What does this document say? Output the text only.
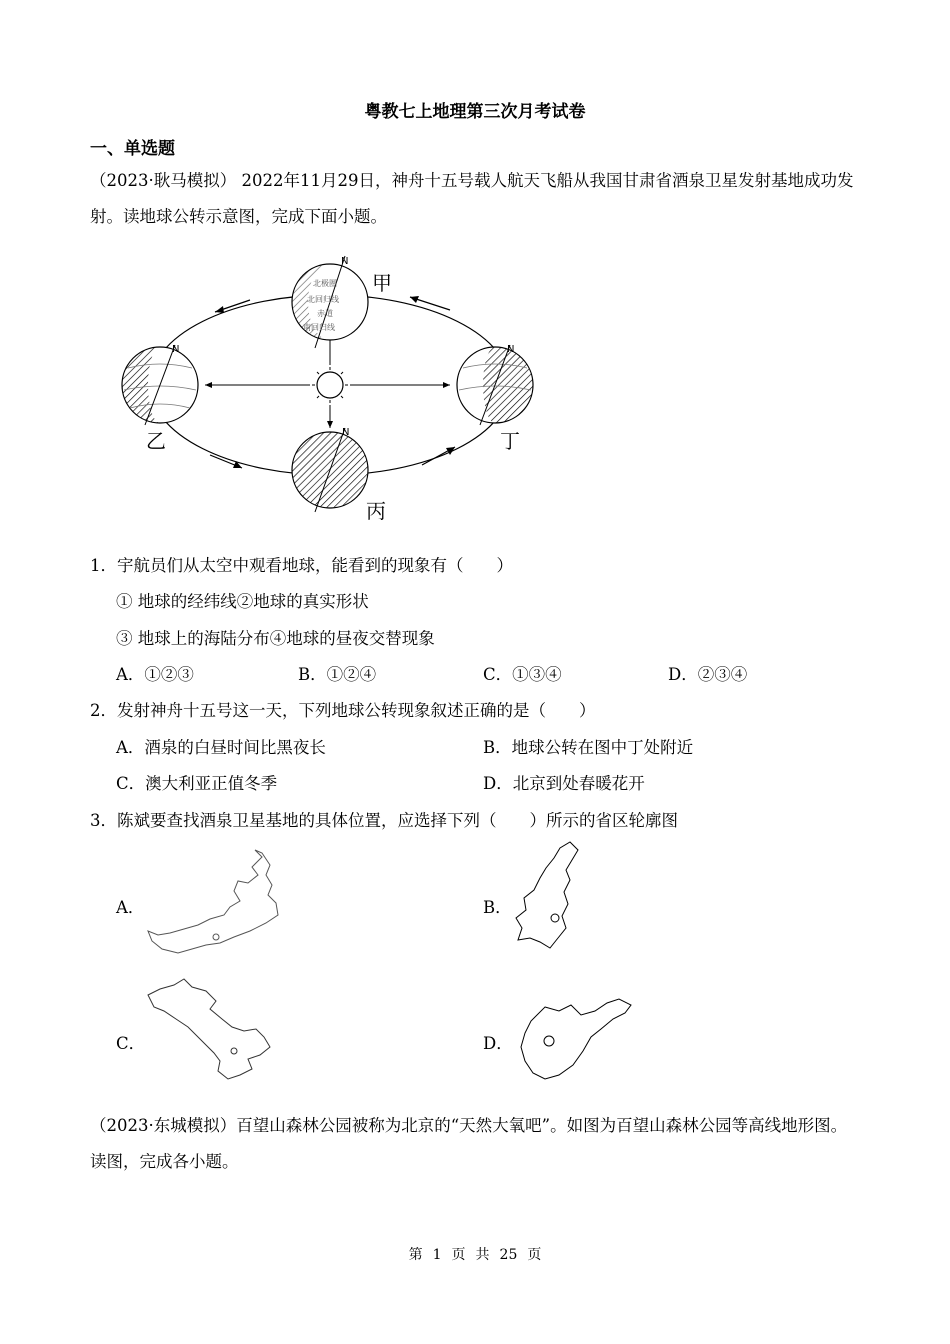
粤教七上地理第三次月考试卷
一、单选题
（2023·耿马模拟） 2022年11月29日，神舟十五号载人航天飞船从我国甘肃省酒泉卫星发射基地成功发射。读地球公转示意图，完成下面小题。
N
北极圈
北回归线
赤道
南回归线
甲
N
乙
N
丁
N
丙
1．宇航员们从太空中观看地球，能看到的现象有（　　）
① 地球的经纬线②地球的真实形状
③ 地球上的海陆分布④地球的昼夜交替现象
A．①②③	B．①②④	C．①③④	D．②③④
2．发射神舟十五号这一天，下列地球公转现象叙述正确的是（　　）
A．酒泉的白昼时间比黑夜长	B．地球公转在图中丁处附近
C．澳大利亚正值冬季	D．北京到处春暖花开
3．陈斌要查找酒泉卫星基地的具体位置，应选择下列（　　）所示的省区轮廓图
A．	B．
C．	D．
（2023·东城模拟）百望山森林公园被称为北京的“天然大氧吧”。如图为百望山森林公园等高线地形图。读图，完成各小题。
第 1 页 共 25 页
